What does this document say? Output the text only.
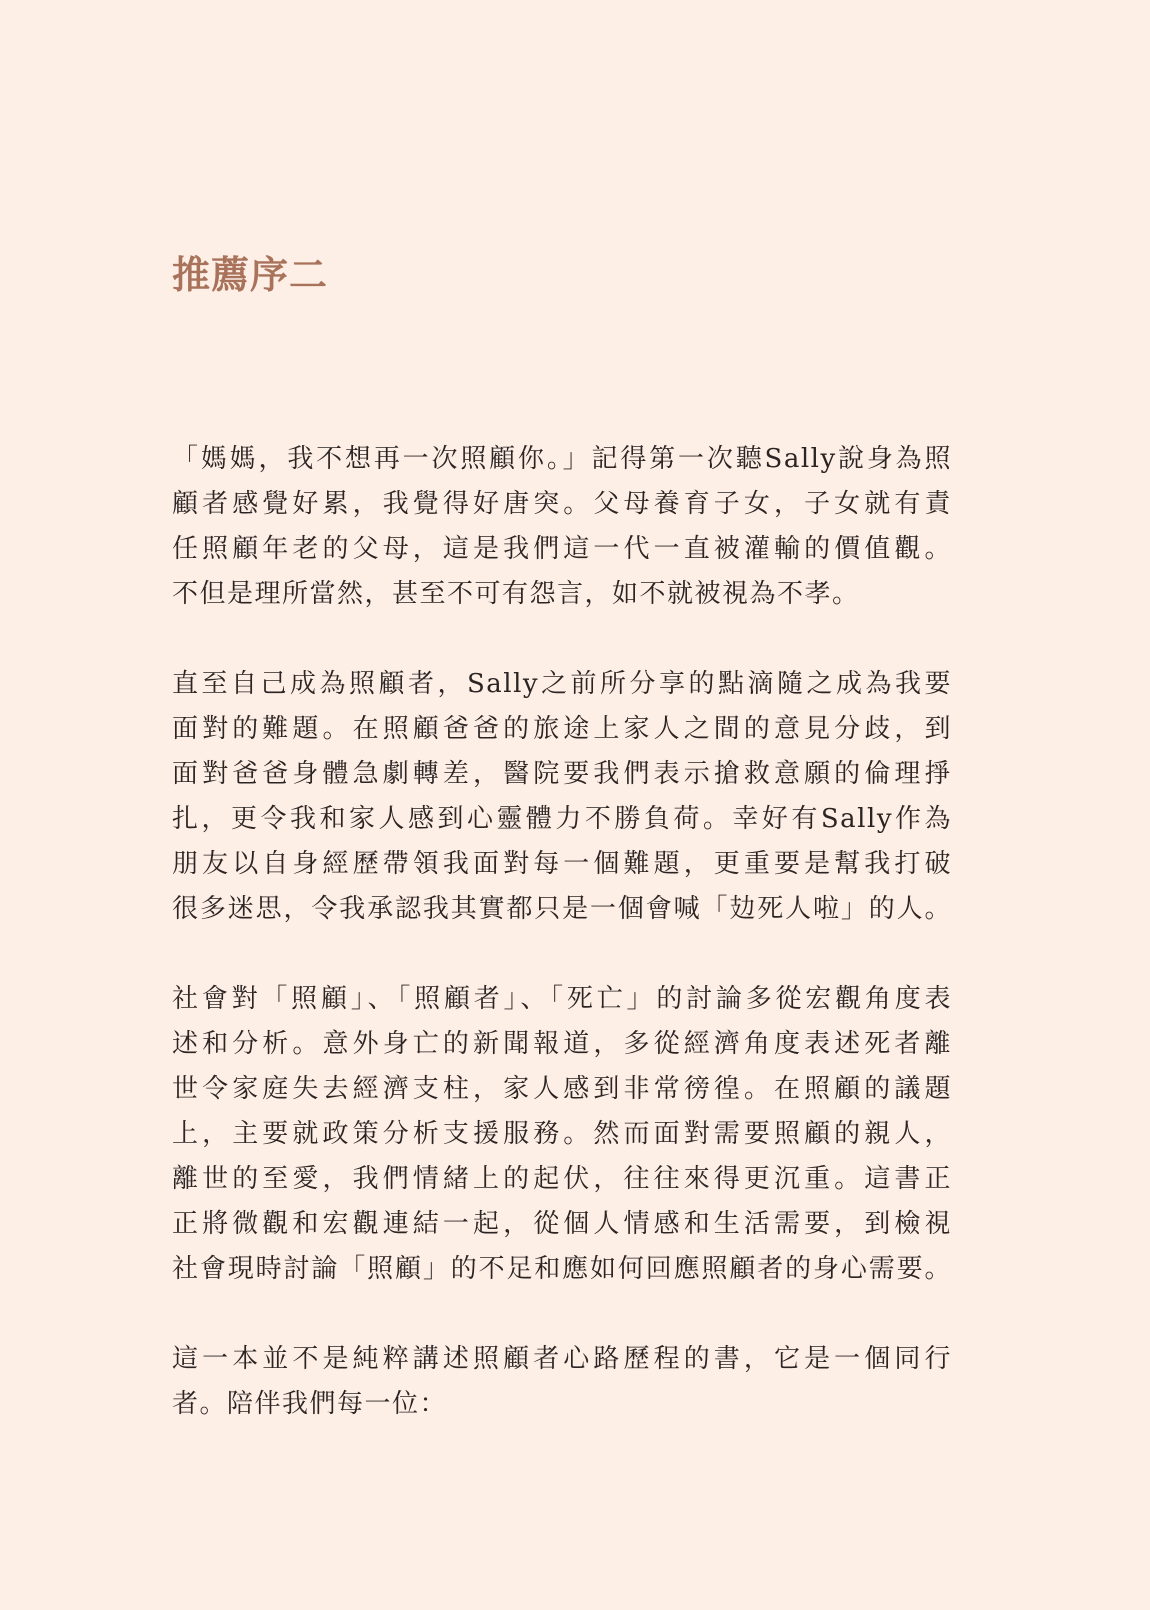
推薦序二

「媽媽，我不想再一次照顧你。」記得第一次聽Sally說身為照
顧者感覺好累，我覺得好唐突。父母養育子女，子女就有責
任照顧年老的父母，這是我們這一代一直被灌輸的價值觀。
不但是理所當然，甚至不可有怨言，如不就被視為不孝。

直至自己成為照顧者，Sally之前所分享的點滴隨之成為我要
面對的難題。在照顧爸爸的旅途上家人之間的意見分歧，到
面對爸爸身體急劇轉差，醫院要我們表示搶救意願的倫理掙
扎，更令我和家人感到心靈體力不勝負荷。幸好有Sally作為
朋友以自身經歷帶領我面對每一個難題，更重要是幫我打破
很多迷思，令我承認我其實都只是一個會喊「攰死人啦」的人。

社會對「照顧」、「照顧者」、「死亡」的討論多從宏觀角度表
述和分析。意外身亡的新聞報道，多從經濟角度表述死者離
世令家庭失去經濟支柱，家人感到非常徬徨。在照顧的議題
上，主要就政策分析支援服務。然而面對需要照顧的親人，
離世的至愛，我們情緒上的起伏，往往來得更沉重。這書正
正將微觀和宏觀連結一起，從個人情感和生活需要，到檢視
社會現時討論「照顧」的不足和應如何回應照顧者的身心需要。

這一本並不是純粹講述照顧者心路歷程的書，它是一個同行
者。陪伴我們每一位：
